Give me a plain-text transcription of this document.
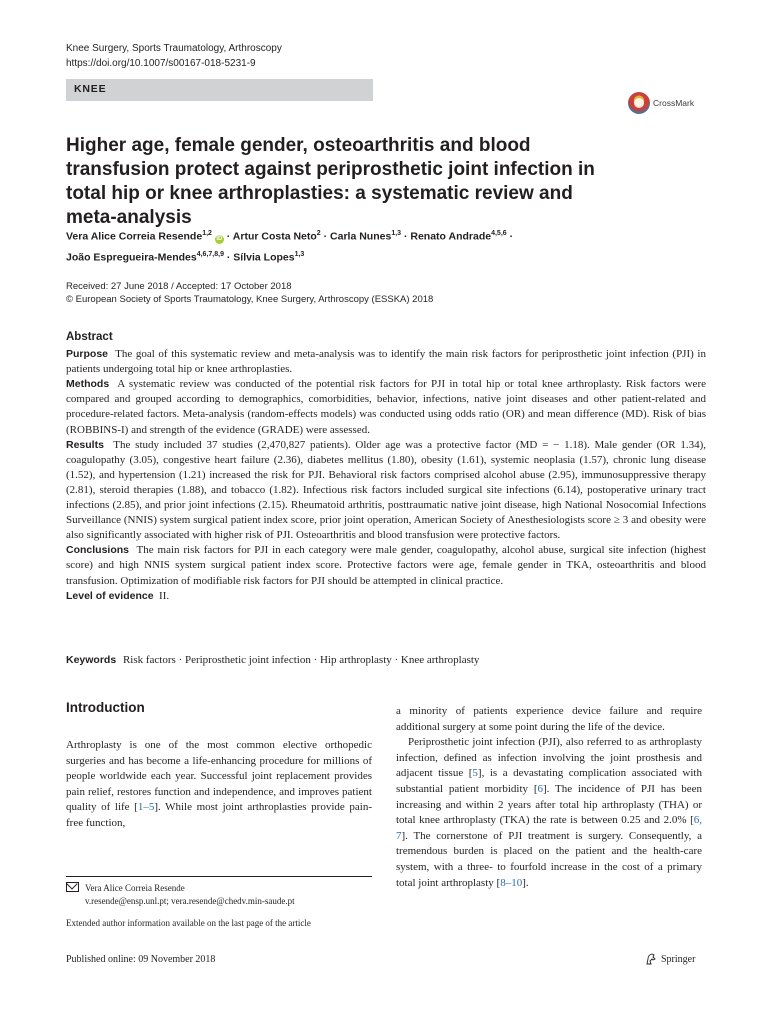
Knee Surgery, Sports Traumatology, Arthroscopy
https://doi.org/10.1007/s00167-018-5231-9
KNEE
CrossMark
Higher age, female gender, osteoarthritis and blood transfusion protect against periprosthetic joint infection in total hip or knee arthroplasties: a systematic review and meta-analysis
Vera Alice Correia Resende$^{1,2}$ iD · Artur Costa Neto$^2$ · Carla Nunes$^{1,3}$ · Renato Andrade$^{4,5,6}$ ·
João Espregueira-Mendes$^{4,6,7,8,9}$ · Sílvia Lopes$^{1,3}$
Received: 27 June 2018 / Accepted: 17 October 2018
© European Society of Sports Traumatology, Knee Surgery, Arthroscopy (ESSKA) 2018
Abstract

Purpose The goal of this systematic review and meta-analysis was to identify the main risk factors for periprosthetic joint infection (PJI) in patients undergoing total hip or knee arthroplasties.

Methods A systematic review was conducted of the potential risk factors for PJI in total hip or total knee arthroplasty. Risk factors were compared and grouped according to demographics, comorbidities, behavior, infections, native joint diseases and other patient-related and procedure-related factors. Meta-analysis (random-effects models) was conducted using odds ratio (OR) and mean difference (MD). Risk of bias (ROBBINS-I) and strength of the evidence (GRADE) were assessed.

Results The study included 37 studies (2,470,827 patients). Older age was a protective factor (MD = − 1.18). Male gender (OR 1.34), coagulopathy (3.05), congestive heart failure (2.36), diabetes mellitus (1.80), obesity (1.61), systemic neoplasia (1.57), chronic lung disease (1.52), and hypertension (1.21) increased the risk for PJI. Behavioral risk factors comprised alcohol abuse (2.95), immunosuppressive therapy (2.81), steroid therapies (1.88), and tobacco (1.82). Infectious risk factors included surgical site infections (6.14), postoperative urinary tract infections (2.85), and prior joint infections (2.15). Rheumatoid arthritis, posttraumatic native joint disease, high National Nosocomial Infections Surveillance (NNIS) system surgical patient index score, prior joint operation, American Society of Anesthesiologists score ≥ 3 and obesity were also significantly associated with higher risk of PJI. Osteoarthritis and blood transfusion were protective factors.

Conclusions The main risk factors for PJI in each category were male gender, coagulopathy, alcohol abuse, surgical site infection (highest score) and high NNIS system surgical patient index score. Protective factors were age, female gender in TKA, osteoarthritis and blood transfusion. Optimization of modifiable risk factors for PJI should be attempted in clinical practice.

Level of evidence II.

Keywords Risk factors · Periprosthetic joint infection · Hip arthroplasty · Knee arthroplasty
Introduction

Arthroplasty is one of the most common elective orthopedic surgeries and has become a life-enhancing procedure for millions of people worldwide each year. Successful joint replacement provides pain relief, restores function and independence, and improves patient quality of life [1–5]. While most joint arthroplasties provide pain-free function,

a minority of patients experience device failure and require additional surgery at some point during the life of the device.

Periprosthetic joint infection (PJI), also referred to as arthroplasty infection, defined as infection involving the joint prosthesis and adjacent tissue [5], is a devastating complication associated with substantial patient morbidity [6]. The incidence of PJI has been increasing and within 2 years after total hip arthroplasty (THA) or total knee arthroplasty (TKA) the rate is between 0.25 and 2.0% [6, 7]. The cornerstone of PJI treatment is surgery. Consequently, a tremendous burden is placed on the patient and the health-care system, with a three- to fourfold increase in the cost of a primary total joint arthroplasty [8–10].

Vera Alice Correia Resende
v.resende@ensp.unl.pt; vera.resende@chedv.min-saude.pt
Extended author information available on the last page of the article
Published online: 09 November 2018	Springer
